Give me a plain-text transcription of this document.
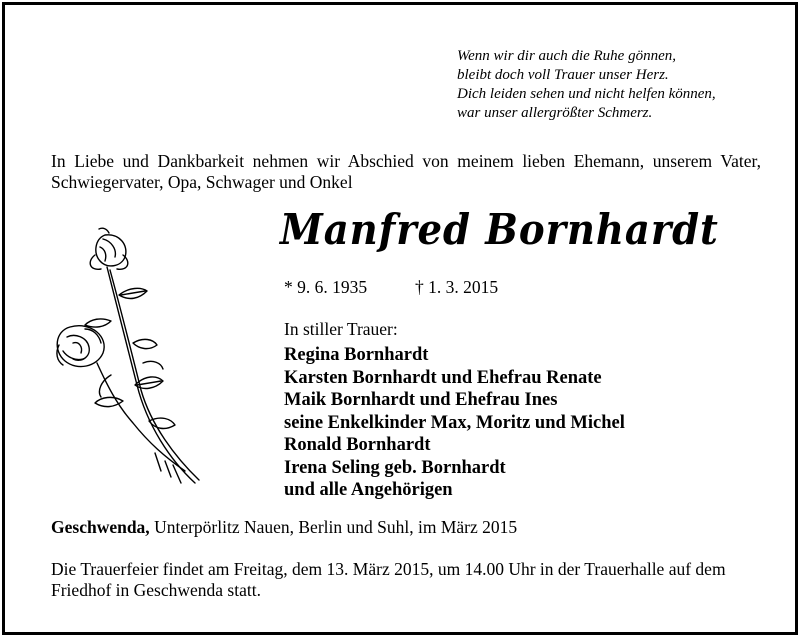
Wenn wir dir auch die Ruhe gönnen,
bleibt doch voll Trauer unser Herz.
Dich leiden sehen und nicht helfen können,
war unser allergrößter Schmerz.
In Liebe und Dankbarkeit nehmen wir Abschied von meinem lieben Ehemann, unserem Vater, Schwiegervater, Opa, Schwager und Onkel
Manfred Bornhardt
* 9. 6. 1935	† 1. 3. 2015
In stiller Trauer:
Regina Bornhardt
Karsten Bornhardt und Ehefrau Renate
Maik Bornhardt und Ehefrau Ines
seine Enkelkinder Max, Moritz und Michel
Ronald Bornhardt
Irena Seling geb. Bornhardt
und alle Angehörigen
Geschwenda, Unterpörlitz Nauen, Berlin und Suhl, im März 2015
Die Trauerfeier findet am Freitag, dem 13. März 2015, um 14.00 Uhr in der Trauerhalle auf dem Friedhof in Geschwenda statt.
